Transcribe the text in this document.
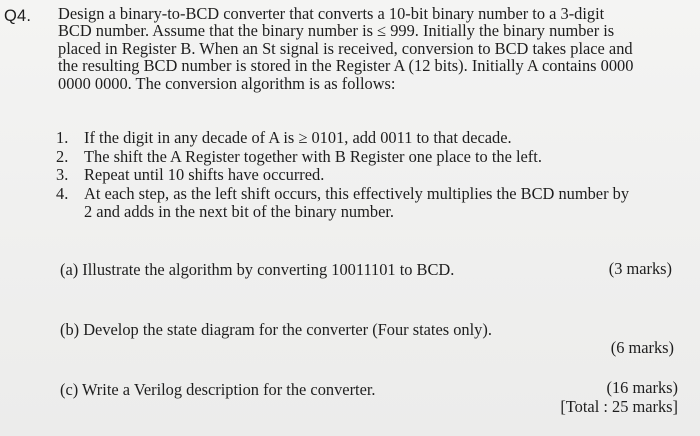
Q4. Design a binary-to-BCD converter that converts a 10-bit binary number to a 3-digit
BCD number. Assume that the binary number is ≤ 999. Initially the binary number is
placed in Register B. When an St signal is received, conversion to BCD takes place and
the resulting BCD number is stored in the Register A (12 bits). Initially A contains 0000
0000 0000. The conversion algorithm is as follows:

1. If the digit in any decade of A is ≥ 0101, add 0011 to that decade.
2. The shift the A Register together with B Register one place to the left.
3. Repeat until 10 shifts have occurred.
4. At each step, as the left shift occurs, this effectively multiplies the BCD number by
2 and adds in the next bit of the binary number.
(a) Illustrate the algorithm by converting 10011101 to BCD.	(3 marks)
(b) Develop the state diagram for the converter (Four states only).
(6 marks)
(c) Write a Verilog description for the converter.	(16 marks)
[Total : 25 marks]
